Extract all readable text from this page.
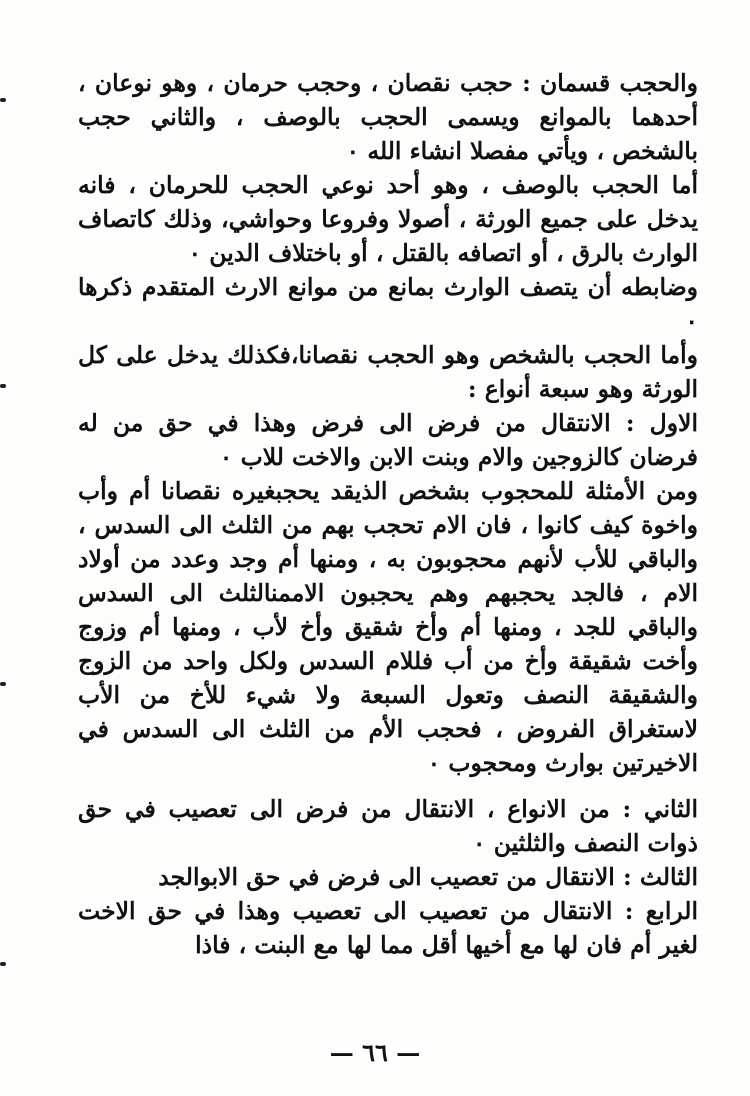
والحجب قسمان : حجب نقصان ، وحجب حرمان ، وهو نوعان ، أحدهما بالموانع ويسمى الحجب بالوصف ، والثاني حجب بالشخص ، ويأتي مفصلا انشاء الله ٠

أما الحجب بالوصف ، وهو أحد نوعي الحجب للحرمان ، فانه يدخل على جميع الورثة ، أصولا وفروعا وحواشي، وذلك كاتصاف الوارث بالرق ، أو اتصافه بالقتل ، أو باختلاف الدين ٠

وضابطه أن يتصف الوارث بمانع من موانع الارث المتقدم ذكرها ٠

وأما الحجب بالشخص وهو الحجب نقصانا،فكذلك يدخل على كل الورثة وهو سبعة أنواع :

الاول : الانتقال من فرض الى فرض وهذا في حق من له فرضان كالزوجين والام وبنت الابن والاخت للاب ٠

ومن الأمثلة للمحجوب بشخص الذيقد يحجبغيره نقصانا أم وأب واخوة كيف كانوا ، فان الام تحجب بهم من الثلث الى السدس ، والباقي للأب لأنهم محجوبون به ، ومنها أم وجد وعدد من أولاد الام ، فالجد يحجبهم وهم يحجبون الاممنالثلث الى السدس والباقي للجد ، ومنها أم وأخ شقيق وأخ لأب ، ومنها أم وزوج وأخت شقيقة وأخ من أب فللام السدس ولكل واحد من الزوج والشقيقة النصف وتعول السبعة ولا شيء للأخ من الأب لاستغراق الفروض ، فحجب الأم من الثلث الى السدس في الاخيرتين بوارث ومحجوب ٠

الثاني : من الانواع ، الانتقال من فرض الى تعصيب في حق ذوات النصف والثلثين ٠

الثالث : الانتقال من تعصيب الى فرض في حق الابوالجد

الرابع : الانتقال من تعصيب الى تعصيب وهذا في حق الاخت لغير أم فان لها مع أخيها أقل مما لها مع البنت ، فاذا

— ٦٦ —
